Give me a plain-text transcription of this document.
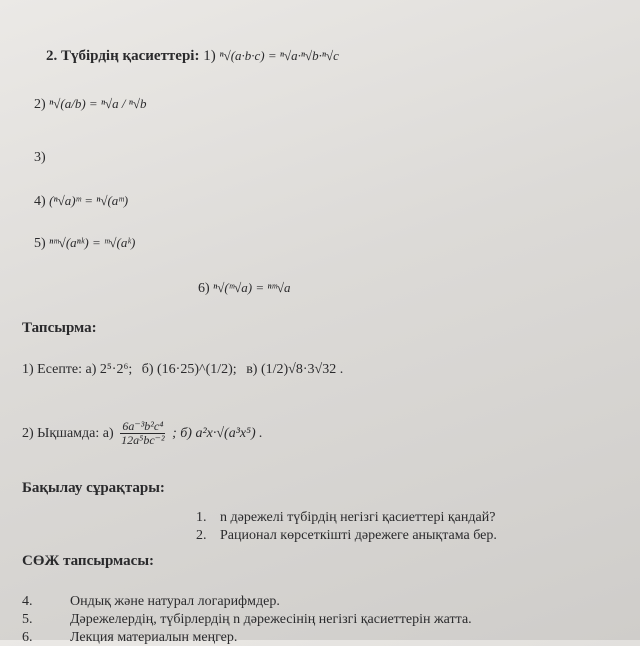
2. Түбірдің қасиеттері: 1) ⁿ√(a·b·c) = ⁿ√a·ⁿ√b·ⁿ√c
2) ⁿ√(a/b) = ⁿ√a / ⁿ√b
3)
4) (ⁿ√a)ᵐ = ⁿ√(aᵐ)
5) ⁿᵐ√(aⁿᵏ) = ᵐ√(aᵏ)
6) ⁿ√(ᵐ√a) = ⁿᵐ√a
Тапсырма:
1) Есепте: а) 2⁵·2⁶; б) (16·25)^(1/2); в) (1/2)√8·3√32 .
2) Ықшамда: $а) \frac{\text{6a⁻³b²c⁴}}{\text{12a⁵bc⁻²}}$ ; б) a²x·√(a³x⁵) .
Бақылау сұрақтары:
1. n дәрежелі түбірдің негізгі қасиеттері қандай?
2. Рационал көрсеткішті дәрежеге анықтама бер.
СӨЖ тапсырмасы:
4.	Ондық және натурал логарифмдер.
5.	Дәрежелердің, түбірлердің n дәрежесінің негізгі қасиеттерін жатта.
6.	Лекция материалын меңгер.
